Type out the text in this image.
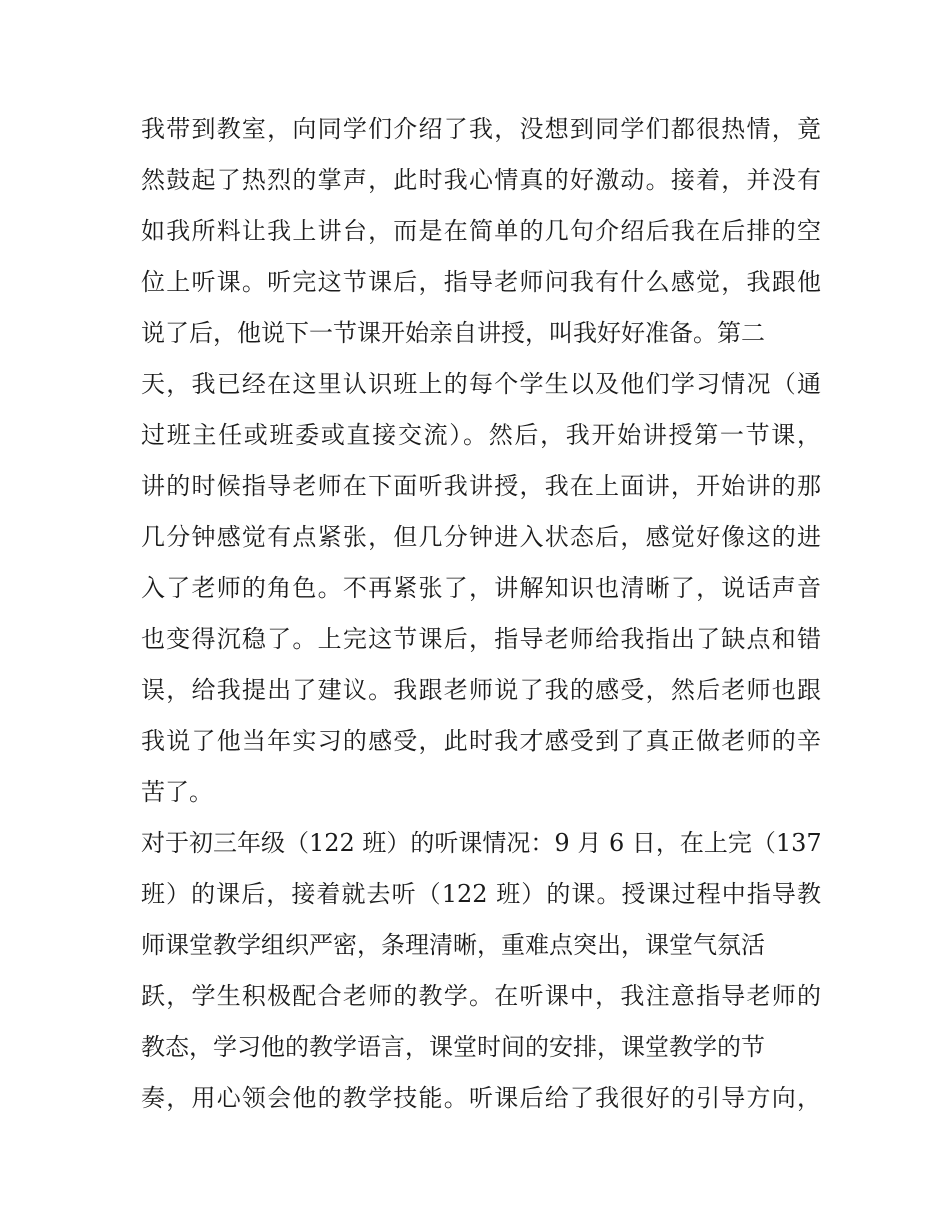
我带到教室，向同学们介绍了我，没想到同学们都很热情，竟
然鼓起了热烈的掌声，此时我心情真的好激动。接着，并没有
如我所料让我上讲台，而是在简单的几句介绍后我在后排的空
位上听课。听完这节课后，指导老师问我有什么感觉，我跟他
说了后，他说下一节课开始亲自讲授，叫我好好准备。第二
天，我已经在这里认识班上的每个学生以及他们学习情况（通
过班主任或班委或直接交流）。然后，我开始讲授第一节课，
讲的时候指导老师在下面听我讲授，我在上面讲，开始讲的那
几分钟感觉有点紧张，但几分钟进入状态后，感觉好像这的进
入了老师的角色。不再紧张了，讲解知识也清晰了，说话声音
也变得沉稳了。上完这节课后，指导老师给我指出了缺点和错
误，给我提出了建议。我跟老师说了我的感受，然后老师也跟
我说了他当年实习的感受，此时我才感受到了真正做老师的辛
苦了。
对于初三年级（122 班）的听课情况：9 月 6 日，在上完（137
班）的课后，接着就去听（122 班）的课。授课过程中指导教
师课堂教学组织严密，条理清晰，重难点突出，课堂气氛活
跃，学生积极配合老师的教学。在听课中，我注意指导老师的
教态，学习他的教学语言，课堂时间的安排，课堂教学的节
奏，用心领会他的教学技能。听课后给了我很好的引导方向，
